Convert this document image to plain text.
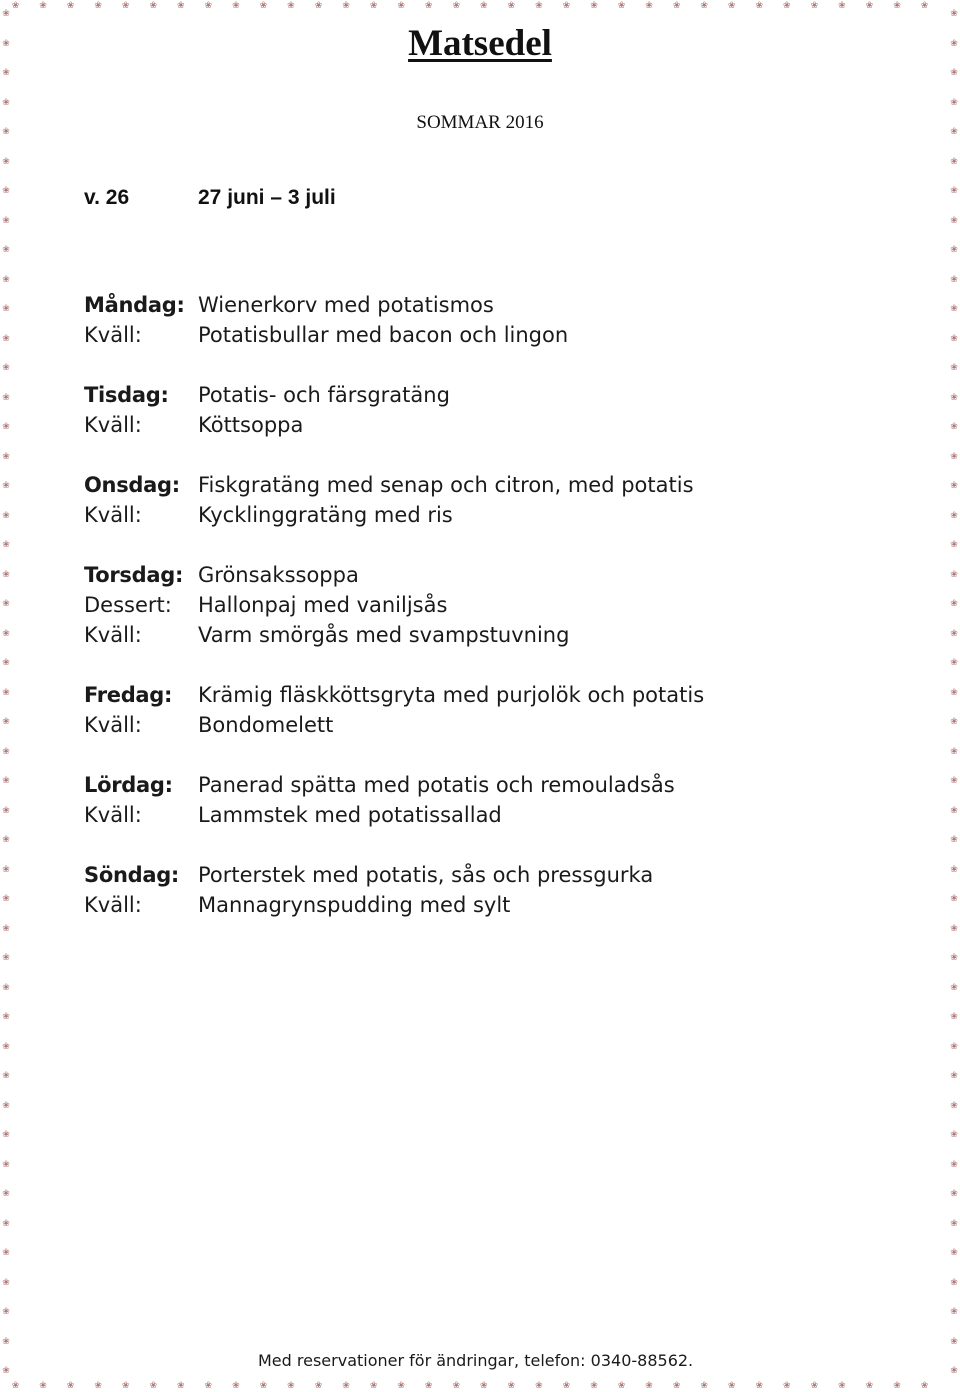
❀
❀
❀
❀
❀
❀
❀
❀
❀
❀
❀
❀
❀
❀
❀
❀
❀
❀
❀
❀
❀
❀
❀
❀
❀
❀
❀
❀
❀
❀
❀
❀
❀
❀
❀
❀
❀
❀
❀
❀
❀
❀
❀
❀
❀
❀
❀
❀
❀
❀
❀
❀
❀
❀
❀
❀
❀
❀
❀
❀
❀
❀
❀
❀
❀
❀
❀
❀
❀
❀
❀
❀
❀
❀
❀
❀
❀
❀
❀
❀
❀
❀
❀
❀
❀
❀
❀
❀
❀
❀
❀
❀
❀
❀
❀❀❀❀❀❀❀❀❀❀❀❀❀❀❀❀❀❀❀❀❀❀❀❀❀❀❀❀❀❀❀❀❀❀
❀❀❀❀❀❀❀❀❀❀❀❀❀❀❀❀❀❀❀❀❀❀❀❀❀❀❀❀❀❀❀❀❀❀
Matsedel
SOMMAR 2016
v. 26	27 juni – 3 juli
Måndag: Wienerkorv med potatismos
Kväll:	Potatisbullar med bacon och lingon
Tisdag: Potatis- och färsgratäng
Kväll:	Köttsoppa
Onsdag: Fiskgratäng med senap och citron, med potatis
Kväll:	Kycklinggratäng med ris
Torsdag: Grönsakssoppa
Dessert: Hallonpaj med vaniljsås
Kväll:	Varm smörgås med svampstuvning
Fredag: Krämig fläskköttsgryta med purjolök och potatis
Kväll:	Bondomelett
Lördag: Panerad spätta med potatis och remouladsås
Kväll:	Lammstek med potatissallad
Söndag: Porterstek med potatis, sås och pressgurka
Kväll:	Mannagrynspudding med sylt
Med reservationer för ändringar, telefon: 0340-88562.
